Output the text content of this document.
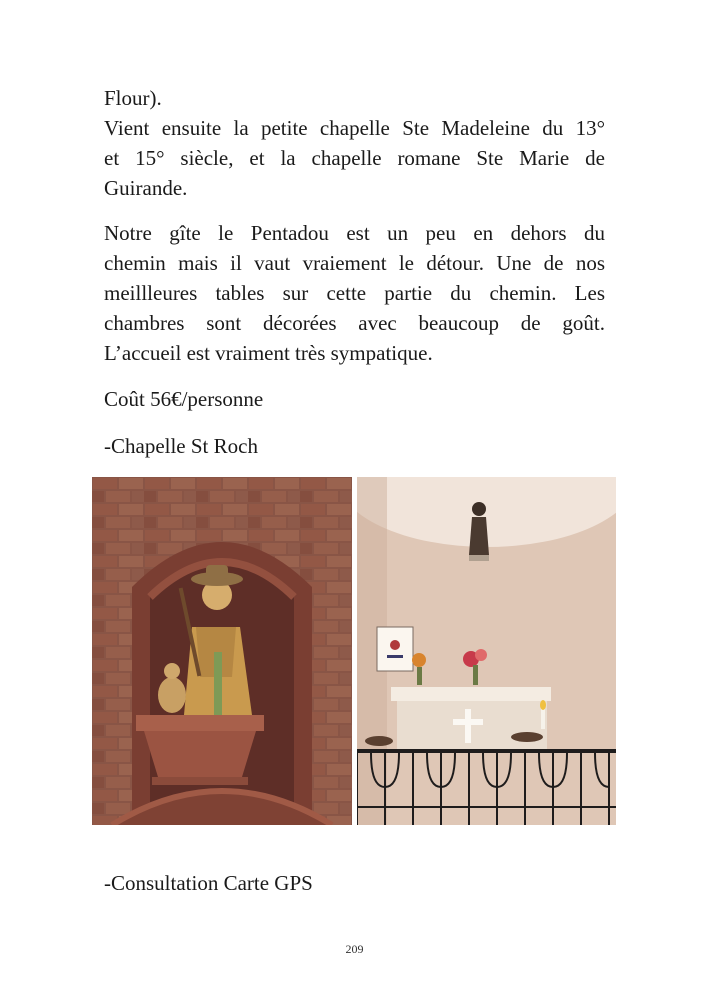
Flour).

Vient ensuite la petite chapelle Ste Madeleine du 13°
et 15° siècle, et la chapelle romane Ste Marie de
Guirande.

Notre gîte le Pentadou est un peu en dehors du
chemin mais il vaut vraiement le détour. Une de nos
meillleures tables sur cette partie du chemin. Les
chambres sont décorées avec beaucoup de goût.
L’accueil est vraiment très sympatique.

Coût 56€/personne

-Chapelle St Roch

-Consultation Carte GPS

209
